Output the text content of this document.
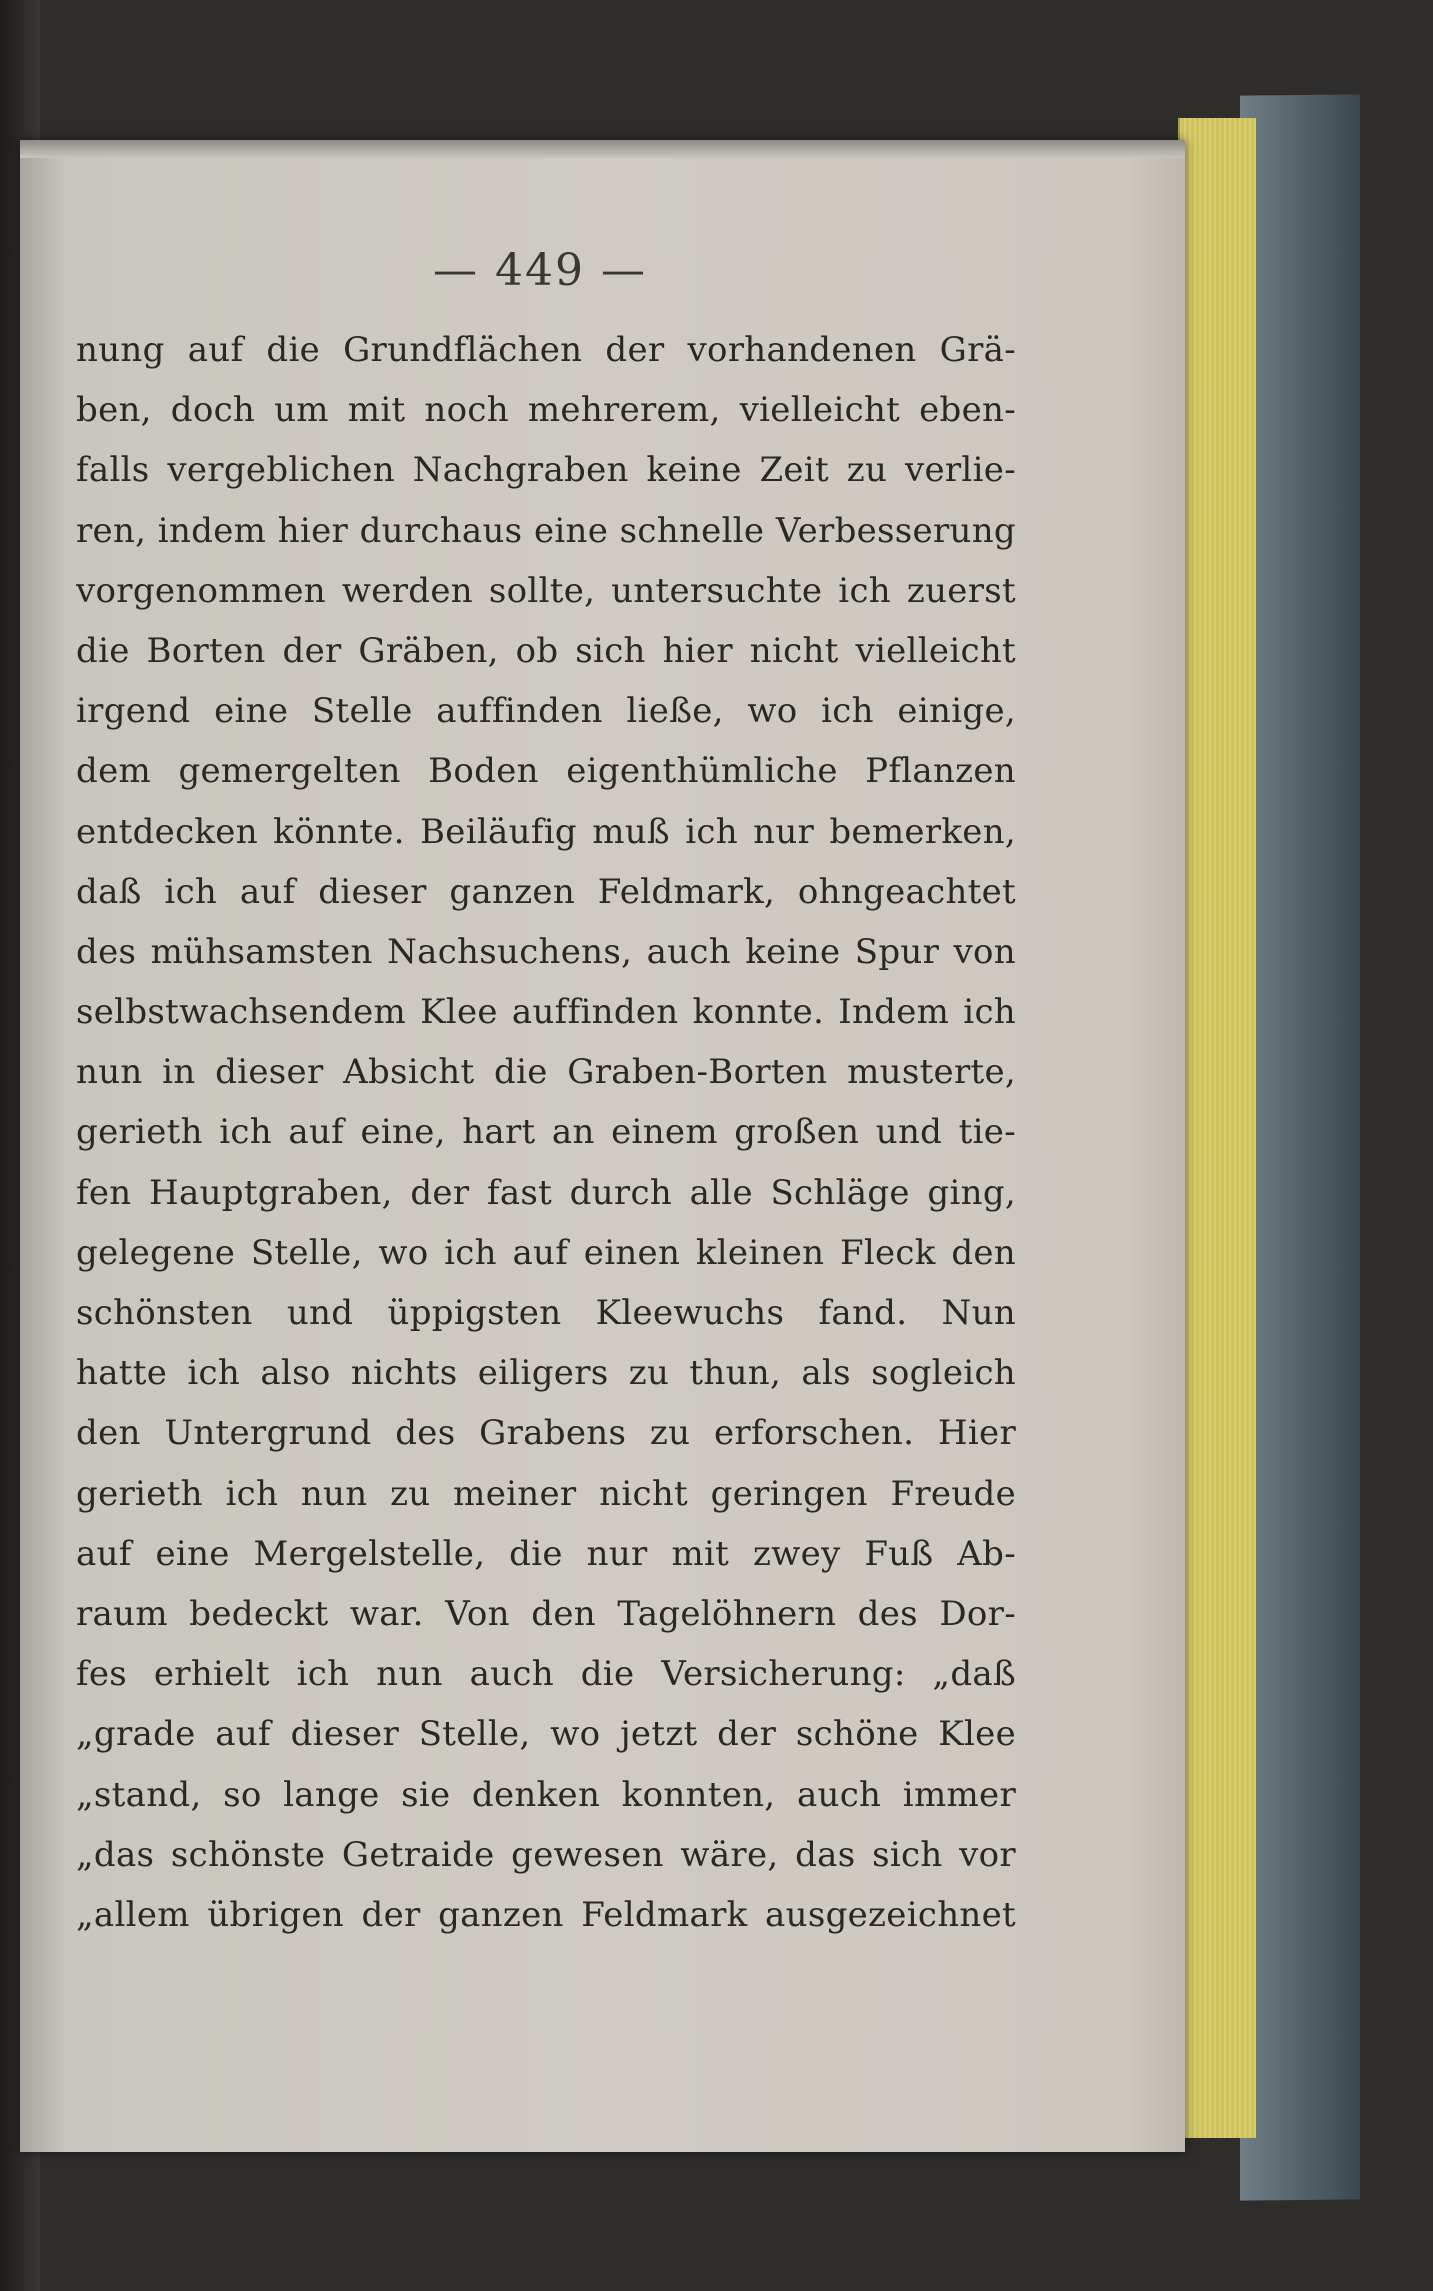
— 449 —
nung auf die Grundflächen der vorhandenen Grä-
ben, doch um mit noch mehrerem, vielleicht eben-
falls vergeblichen Nachgraben keine Zeit zu verlie-
ren, indem hier durchaus eine schnelle Verbesserung
vorgenommen werden sollte, untersuchte ich zuerst
die Borten der Gräben, ob sich hier nicht vielleicht
irgend eine Stelle auffinden ließe, wo ich einige,
dem gemergelten Boden eigenthümliche Pflanzen
entdecken könnte. Beiläufig muß ich nur bemerken,
daß ich auf dieser ganzen Feldmark, ohngeachtet
des mühsamsten Nachsuchens, auch keine Spur von
selbstwachsendem Klee auffinden konnte. Indem ich
nun in dieser Absicht die Graben-Borten musterte,
gerieth ich auf eine, hart an einem großen und tie-
fen Hauptgraben, der fast durch alle Schläge ging,
gelegene Stelle, wo ich auf einen kleinen Fleck den
schönsten und üppigsten Kleewuchs fand. Nun
hatte ich also nichts eiligers zu thun, als sogleich
den Untergrund des Grabens zu erforschen. Hier
gerieth ich nun zu meiner nicht geringen Freude
auf eine Mergelstelle, die nur mit zwey Fuß Ab-
raum bedeckt war. Von den Tagelöhnern des Dor-
fes erhielt ich nun auch die Versicherung: „daß
„grade auf dieser Stelle, wo jetzt der schöne Klee
„stand, so lange sie denken konnten, auch immer
„das schönste Getraide gewesen wäre, das sich vor
„allem übrigen der ganzen Feldmark ausgezeichnet
